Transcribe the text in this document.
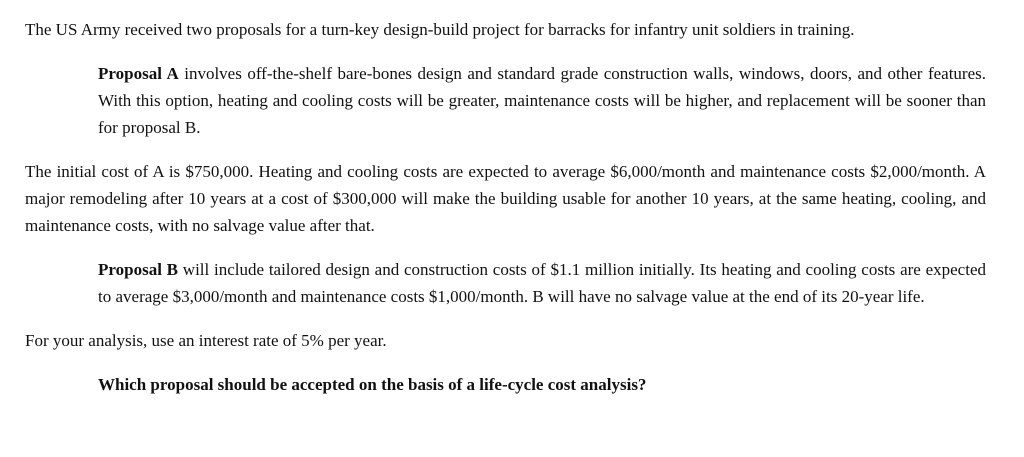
The US Army received two proposals for a turn-key design-build project for barracks for infantry unit soldiers in training.

Proposal A involves off-the-shelf bare-bones design and standard grade construction walls, windows, doors, and other features. With this option, heating and cooling costs will be greater, maintenance costs will be higher, and replacement will be sooner than for proposal B.

The initial cost of A is $750,000. Heating and cooling costs are expected to average $6,000/month and maintenance costs $2,000/month. A major remodeling after 10 years at a cost of $300,000 will make the building usable for another 10 years, at the same heating, cooling, and maintenance costs, with no salvage value after that.

Proposal B will include tailored design and construction costs of $1.1 million initially. Its heating and cooling costs are expected to average $3,000/month and maintenance costs $1,000/month. B will have no salvage value at the end of its 20-year life.

For your analysis, use an interest rate of 5% per year.

Which proposal should be accepted on the basis of a life-cycle cost analysis?
